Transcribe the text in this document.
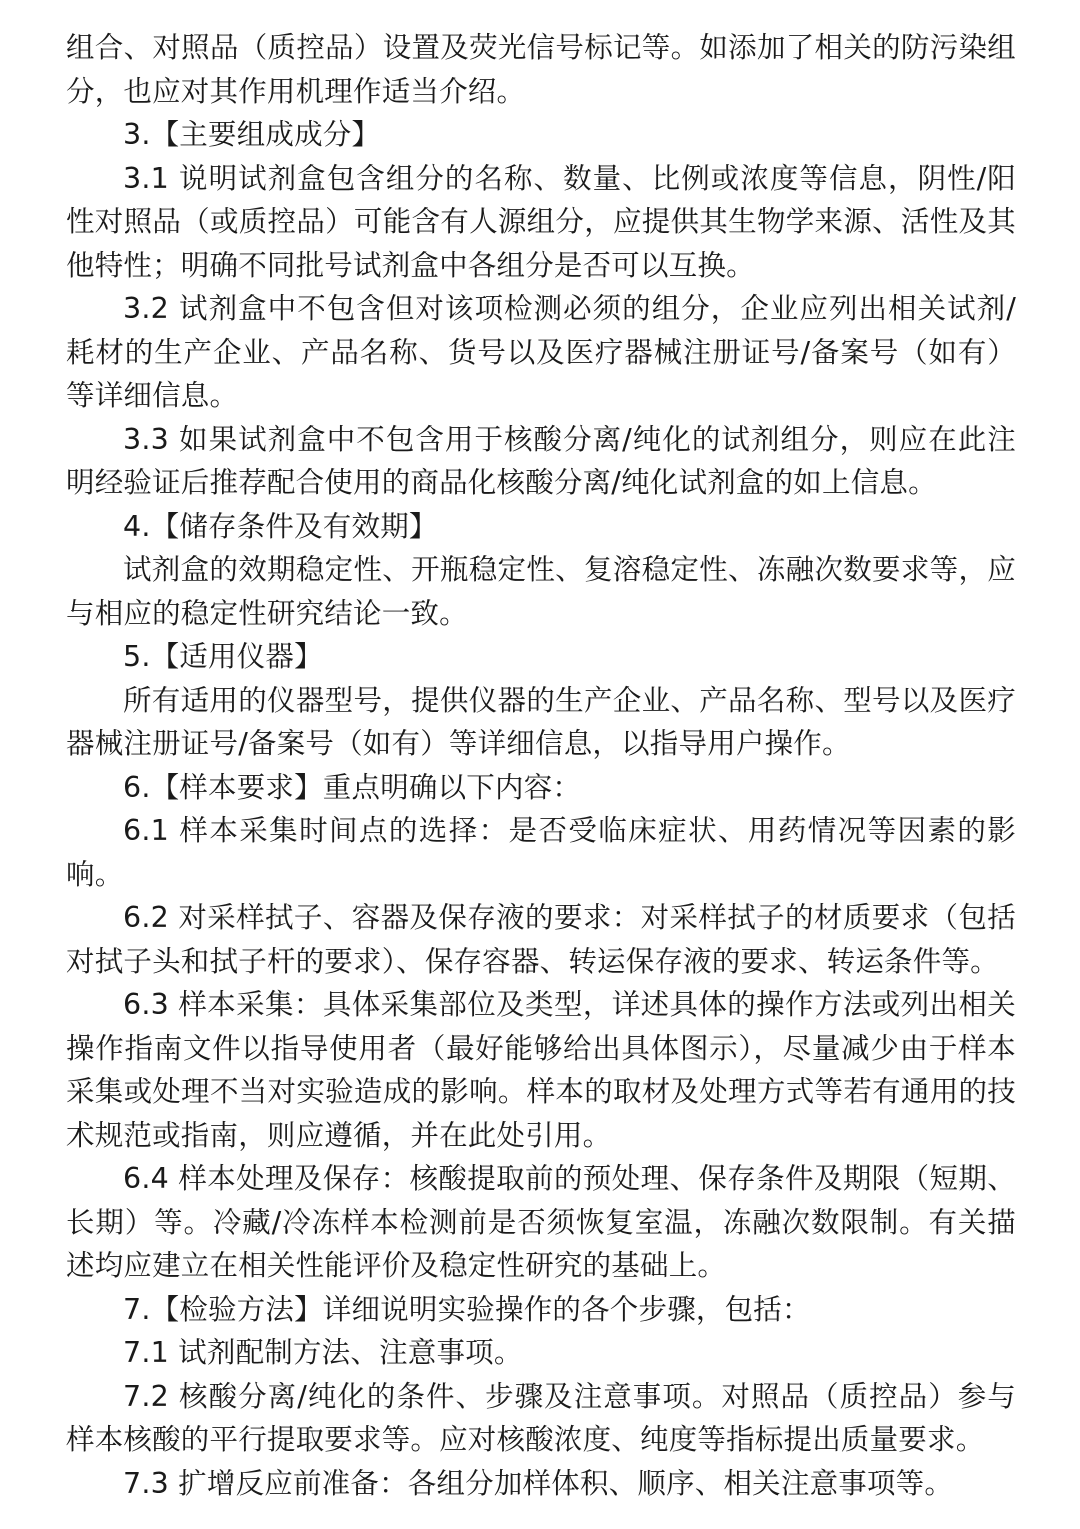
组合、对照品（质控品）设置及荧光信号标记等。如添加了相关的防污染组分，也应对其作用机理作适当介绍。

3.【主要组成成分】

3.1 说明试剂盒包含组分的名称、数量、比例或浓度等信息，阴性/阳性对照品（或质控品）可能含有人源组分，应提供其生物学来源、活性及其他特性；明确不同批号试剂盒中各组分是否可以互换。

3.2 试剂盒中不包含但对该项检测必须的组分，企业应列出相关试剂/耗材的生产企业、产品名称、货号以及医疗器械注册证号/备案号（如有）等详细信息。

3.3 如果试剂盒中不包含用于核酸分离/纯化的试剂组分，则应在此注明经验证后推荐配合使用的商品化核酸分离/纯化试剂盒的如上信息。

4.【储存条件及有效期】

试剂盒的效期稳定性、开瓶稳定性、复溶稳定性、冻融次数要求等，应与相应的稳定性研究结论一致。

5.【适用仪器】

所有适用的仪器型号，提供仪器的生产企业、产品名称、型号以及医疗器械注册证号/备案号（如有）等详细信息，以指导用户操作。

6.【样本要求】重点明确以下内容：

6.1 样本采集时间点的选择：是否受临床症状、用药情况等因素的影响。

6.2 对采样拭子、容器及保存液的要求：对采样拭子的材质要求（包括对拭子头和拭子杆的要求）、保存容器、转运保存液的要求、转运条件等。

6.3 样本采集：具体采集部位及类型，详述具体的操作方法或列出相关操作指南文件以指导使用者（最好能够给出具体图示），尽量减少由于样本采集或处理不当对实验造成的影响。样本的取材及处理方式等若有通用的技术规范或指南，则应遵循，并在此处引用。

6.4 样本处理及保存：核酸提取前的预处理、保存条件及期限（短期、长期）等。冷藏/冷冻样本检测前是否须恢复室温，冻融次数限制。有关描述均应建立在相关性能评价及稳定性研究的基础上。

7.【检验方法】详细说明实验操作的各个步骤，包括：

7.1 试剂配制方法、注意事项。

7.2 核酸分离/纯化的条件、步骤及注意事项。对照品（质控品）参与样本核酸的平行提取要求等。应对核酸浓度、纯度等指标提出质量要求。

7.3 扩增反应前准备：各组分加样体积、顺序、相关注意事项等。
